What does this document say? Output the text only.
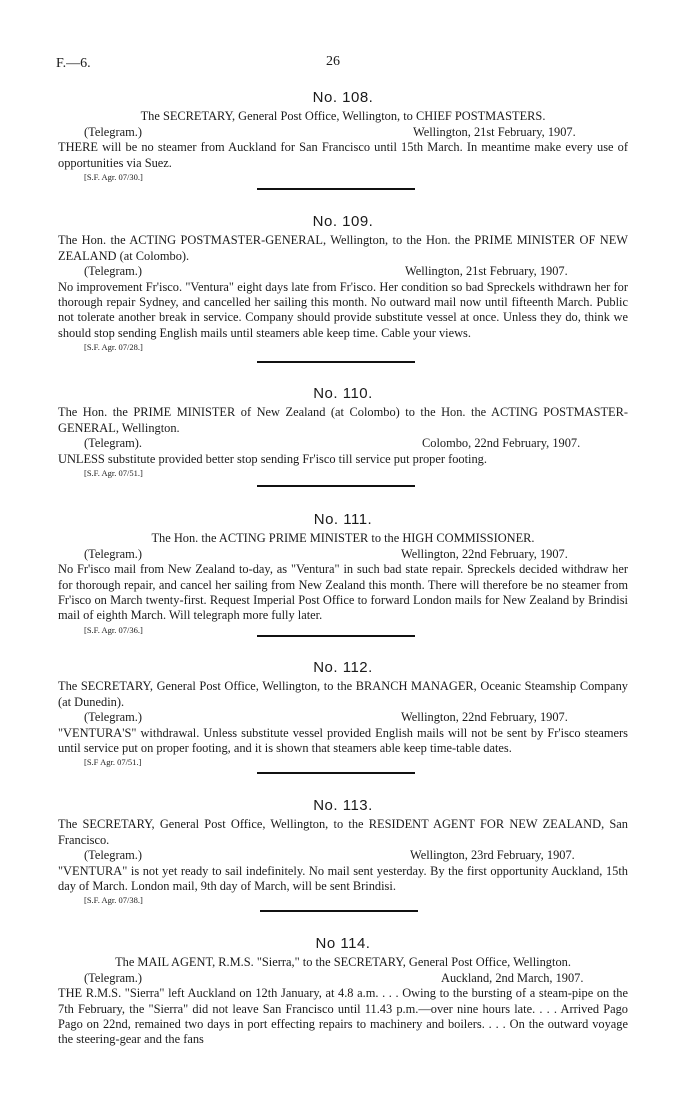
F.—6.	26
No. 108.
The SECRETARY, General Post Office, Wellington, to CHIEF POSTMASTERS.
(Telegram.)	Wellington, 21st February, 1907.
THERE will be no steamer from Auckland for San Francisco until 15th March. In meantime make every use of opportunities via Suez.
[S.F. Agr. 07/30.]
No. 109.
The Hon. the ACTING POSTMASTER-GENERAL, Wellington, to the Hon. the PRIME MINISTER OF NEW ZEALAND (at Colombo).
(Telegram.)	Wellington, 21st February, 1907.
No improvement Fr'isco. "Ventura" eight days late from Fr'isco. Her condition so bad Spreckels withdrawn her for thorough repair Sydney, and cancelled her sailing this month. No outward mail now until fifteenth March. Public not tolerate another break in service. Company should provide substitute vessel at once. Unless they do, think we should stop sending English mails until steamers able keep time. Cable your views.
[S.F. Agr. 07/28.]
No. 110.
The Hon. the PRIME MINISTER of New Zealand (at Colombo) to the Hon. the ACTING POSTMASTER-GENERAL, Wellington.
(Telegram).	Colombo, 22nd February, 1907.
UNLESS substitute provided better stop sending Fr'isco till service put proper footing.
[S.F. Agr. 07/51.]
No. 111.
The Hon. the ACTING PRIME MINISTER to the HIGH COMMISSIONER.
(Telegram.)	Wellington, 22nd February, 1907.
No Fr'isco mail from New Zealand to-day, as "Ventura" in such bad state repair. Spreckels decided withdraw her for thorough repair, and cancel her sailing from New Zealand this month. There will therefore be no steamer from Fr'isco on March twenty-first. Request Imperial Post Office to forward London mails for New Zealand by Brindisi mail of eighth March. Will telegraph more fully later.
[S.F. Agr. 07/36.]
No. 112.
The SECRETARY, General Post Office, Wellington, to the BRANCH MANAGER, Oceanic Steamship Company (at Dunedin).
(Telegram.)	Wellington, 22nd February, 1907.
"VENTURA'S" withdrawal. Unless substitute vessel provided English mails will not be sent by Fr'isco steamers until service put on proper footing, and it is shown that steamers able keep time-table dates.
[S.F Agr. 07/51.]
No. 113.
The SECRETARY, General Post Office, Wellington, to the RESIDENT AGENT FOR NEW ZEALAND, San Francisco.
(Telegram.)	Wellington, 23rd February, 1907.
"VENTURA" is not yet ready to sail indefinitely. No mail sent yesterday. By the first opportunity Auckland, 15th day of March. London mail, 9th day of March, will be sent Brindisi.
[S.F. Agr. 07/38.]
No 114.
The MAIL AGENT, R.M.S. "Sierra," to the SECRETARY, General Post Office, Wellington.
(Telegram.)	Auckland, 2nd March, 1907.
THE R.M.S. "Sierra" left Auckland on 12th January, at 4.8 a.m. . . . Owing to the bursting of a steam-pipe on the 7th February, the "Sierra" did not leave San Francisco until 11.43 p.m.—over nine hours late. . . . Arrived Pago Pago on 22nd, remained two days in port effecting repairs to machinery and boilers. . . . On the outward voyage the steering-gear and the fans
